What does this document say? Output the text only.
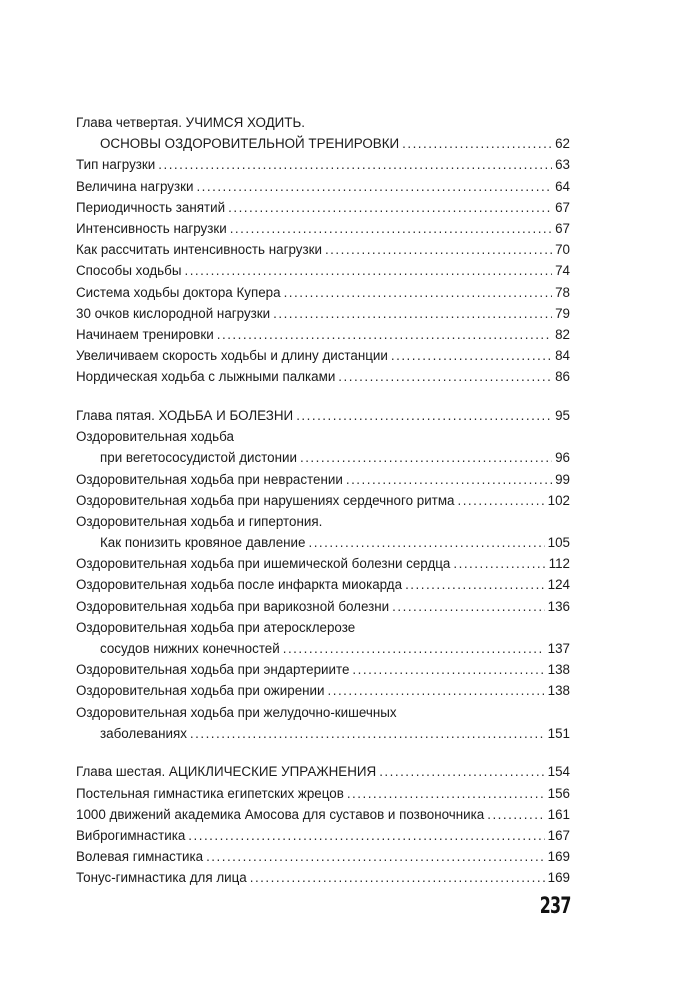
Глава четвертая. УЧИМСЯ ХОДИТЬ.
ОСНОВЫ ОЗДОРОВИТЕЛЬНОЙ ТРЕНИРОВКИ .....	62
Тип нагрузки .....	63
Величина нагрузки .....	64
Периодичность занятий .....	67
Интенсивность нагрузки .....	67
Как рассчитать интенсивность нагрузки .....	70
Способы ходьбы .....	74
Система ходьбы доктора Купера .....	78
30 очков кислородной нагрузки .....	79
Начинаем тренировки .....	82
Увеличиваем скорость ходьбы и длину дистанции .....	84
Нордическая ходьба с лыжными палками .....	86
Глава пятая. ХОДЬБА И БОЛЕЗНИ .....	95
Оздоровительная ходьба
при вегетососудистой дистонии .....	96
Оздоровительная ходьба при неврастении .....	99
Оздоровительная ходьба при нарушениях сердечного ритма .....	102
Оздоровительная ходьба и гипертония.
Как понизить кровяное давление .....	105
Оздоровительная ходьба при ишемической болезни сердца .....	112
Оздоровительная ходьба после инфаркта миокарда .....	124
Оздоровительная ходьба при варикозной болезни .....	136
Оздоровительная ходьба при атеросклерозе
сосудов нижних конечностей .....	137
Оздоровительная ходьба при эндартериите .....	138
Оздоровительная ходьба при ожирении .....	138
Оздоровительная ходьба при желудочно-кишечных
заболеваниях .....	151
Глава шестая. АЦИКЛИЧЕСКИЕ УПРАЖНЕНИЯ .....	154
Постельная гимнастика египетских жрецов .....	156
1000 движений академика Амосова для суставов и позвоночника .....	161
Виброгимнастика .....	167
Волевая гимнастика .....	169
Тонус-гимнастика для лица .....	169
237
